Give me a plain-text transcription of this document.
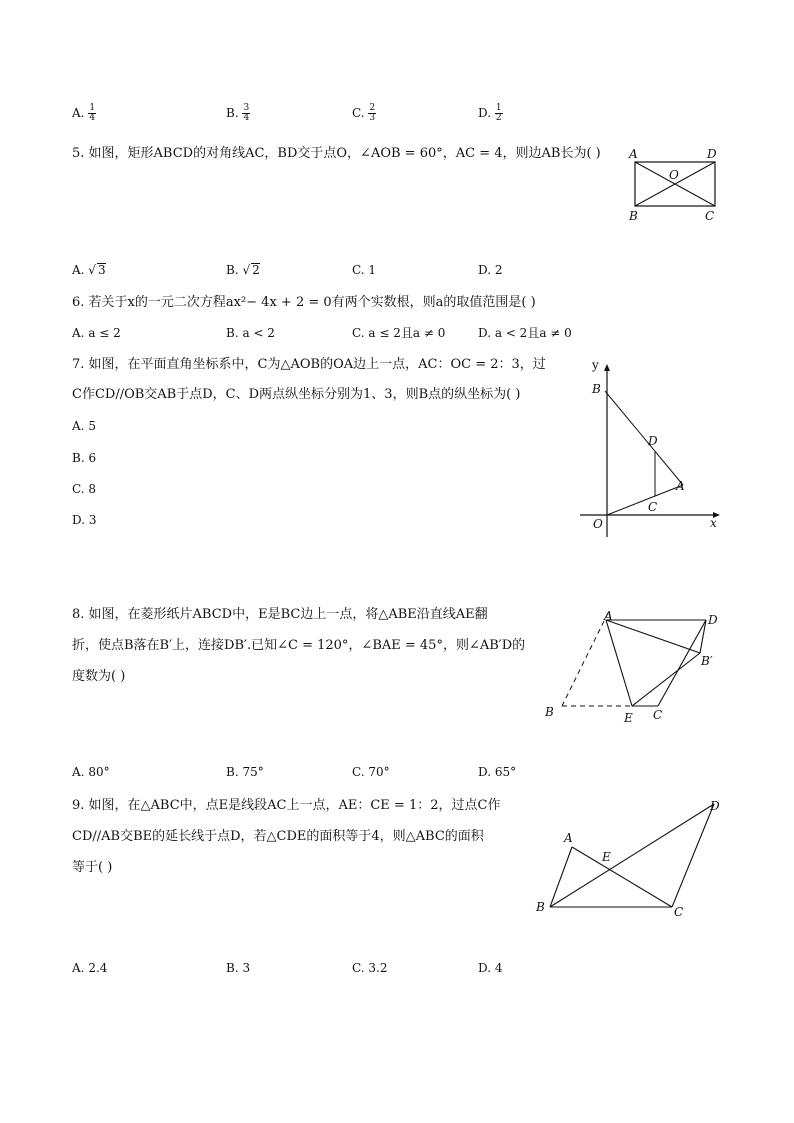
A. $\frac{1}{4}$	B. $\frac{3}{4}$	C. $\frac{2}{3}$	D. $\frac{1}{2}$
5. 如图，矩形ABCD的对角线AC，BD交于点O，∠AOB = 60°，AC = 4，则边AB长为( ) A	D
O
B	C
A. √ 3	B. √ 2	C. 1	D. 2
6. 若关于x的一元二次方程ax²− 4x + 2 = 0有两个实数根，则a的取值范围是( )
A. a ≤ 2	B. a < 2	C. a ≤ 2且a ≠ 0	D. a < 2且a ≠ 0
7. 如图，在平面直角坐标系中，C为△AOB的OA边上一点，AC：OC = 2：3，过
C作CD//OB交AB于点D，C、D两点纵坐标分别为1、3，则B点的纵坐标为( )
A. 5
B. 6
C. 8
D. 3
y
B
D
A
C
O	x
8. 如图，在菱形纸片ABCD中，E是BC边上一点，将△ABE沿直线AE翻
折，使点B落在B′上，连接DB′.已知∠C = 120°，∠BAE = 45°，则∠AB′D的
度数为( )
A	D
B′
B	E C
A. 80°	B. 75°	C. 70°	D. 65°
9. 如图，在△ABC中，点E是线段AC上一点，AE：CE = 1：2，过点C作
CD//AB交BE的延长线于点D，若△CDE的面积等于4，则△ABC的面积
等于( )
D
A
E
B	C
A. 2.4	B. 3	C. 3.2	D. 4
